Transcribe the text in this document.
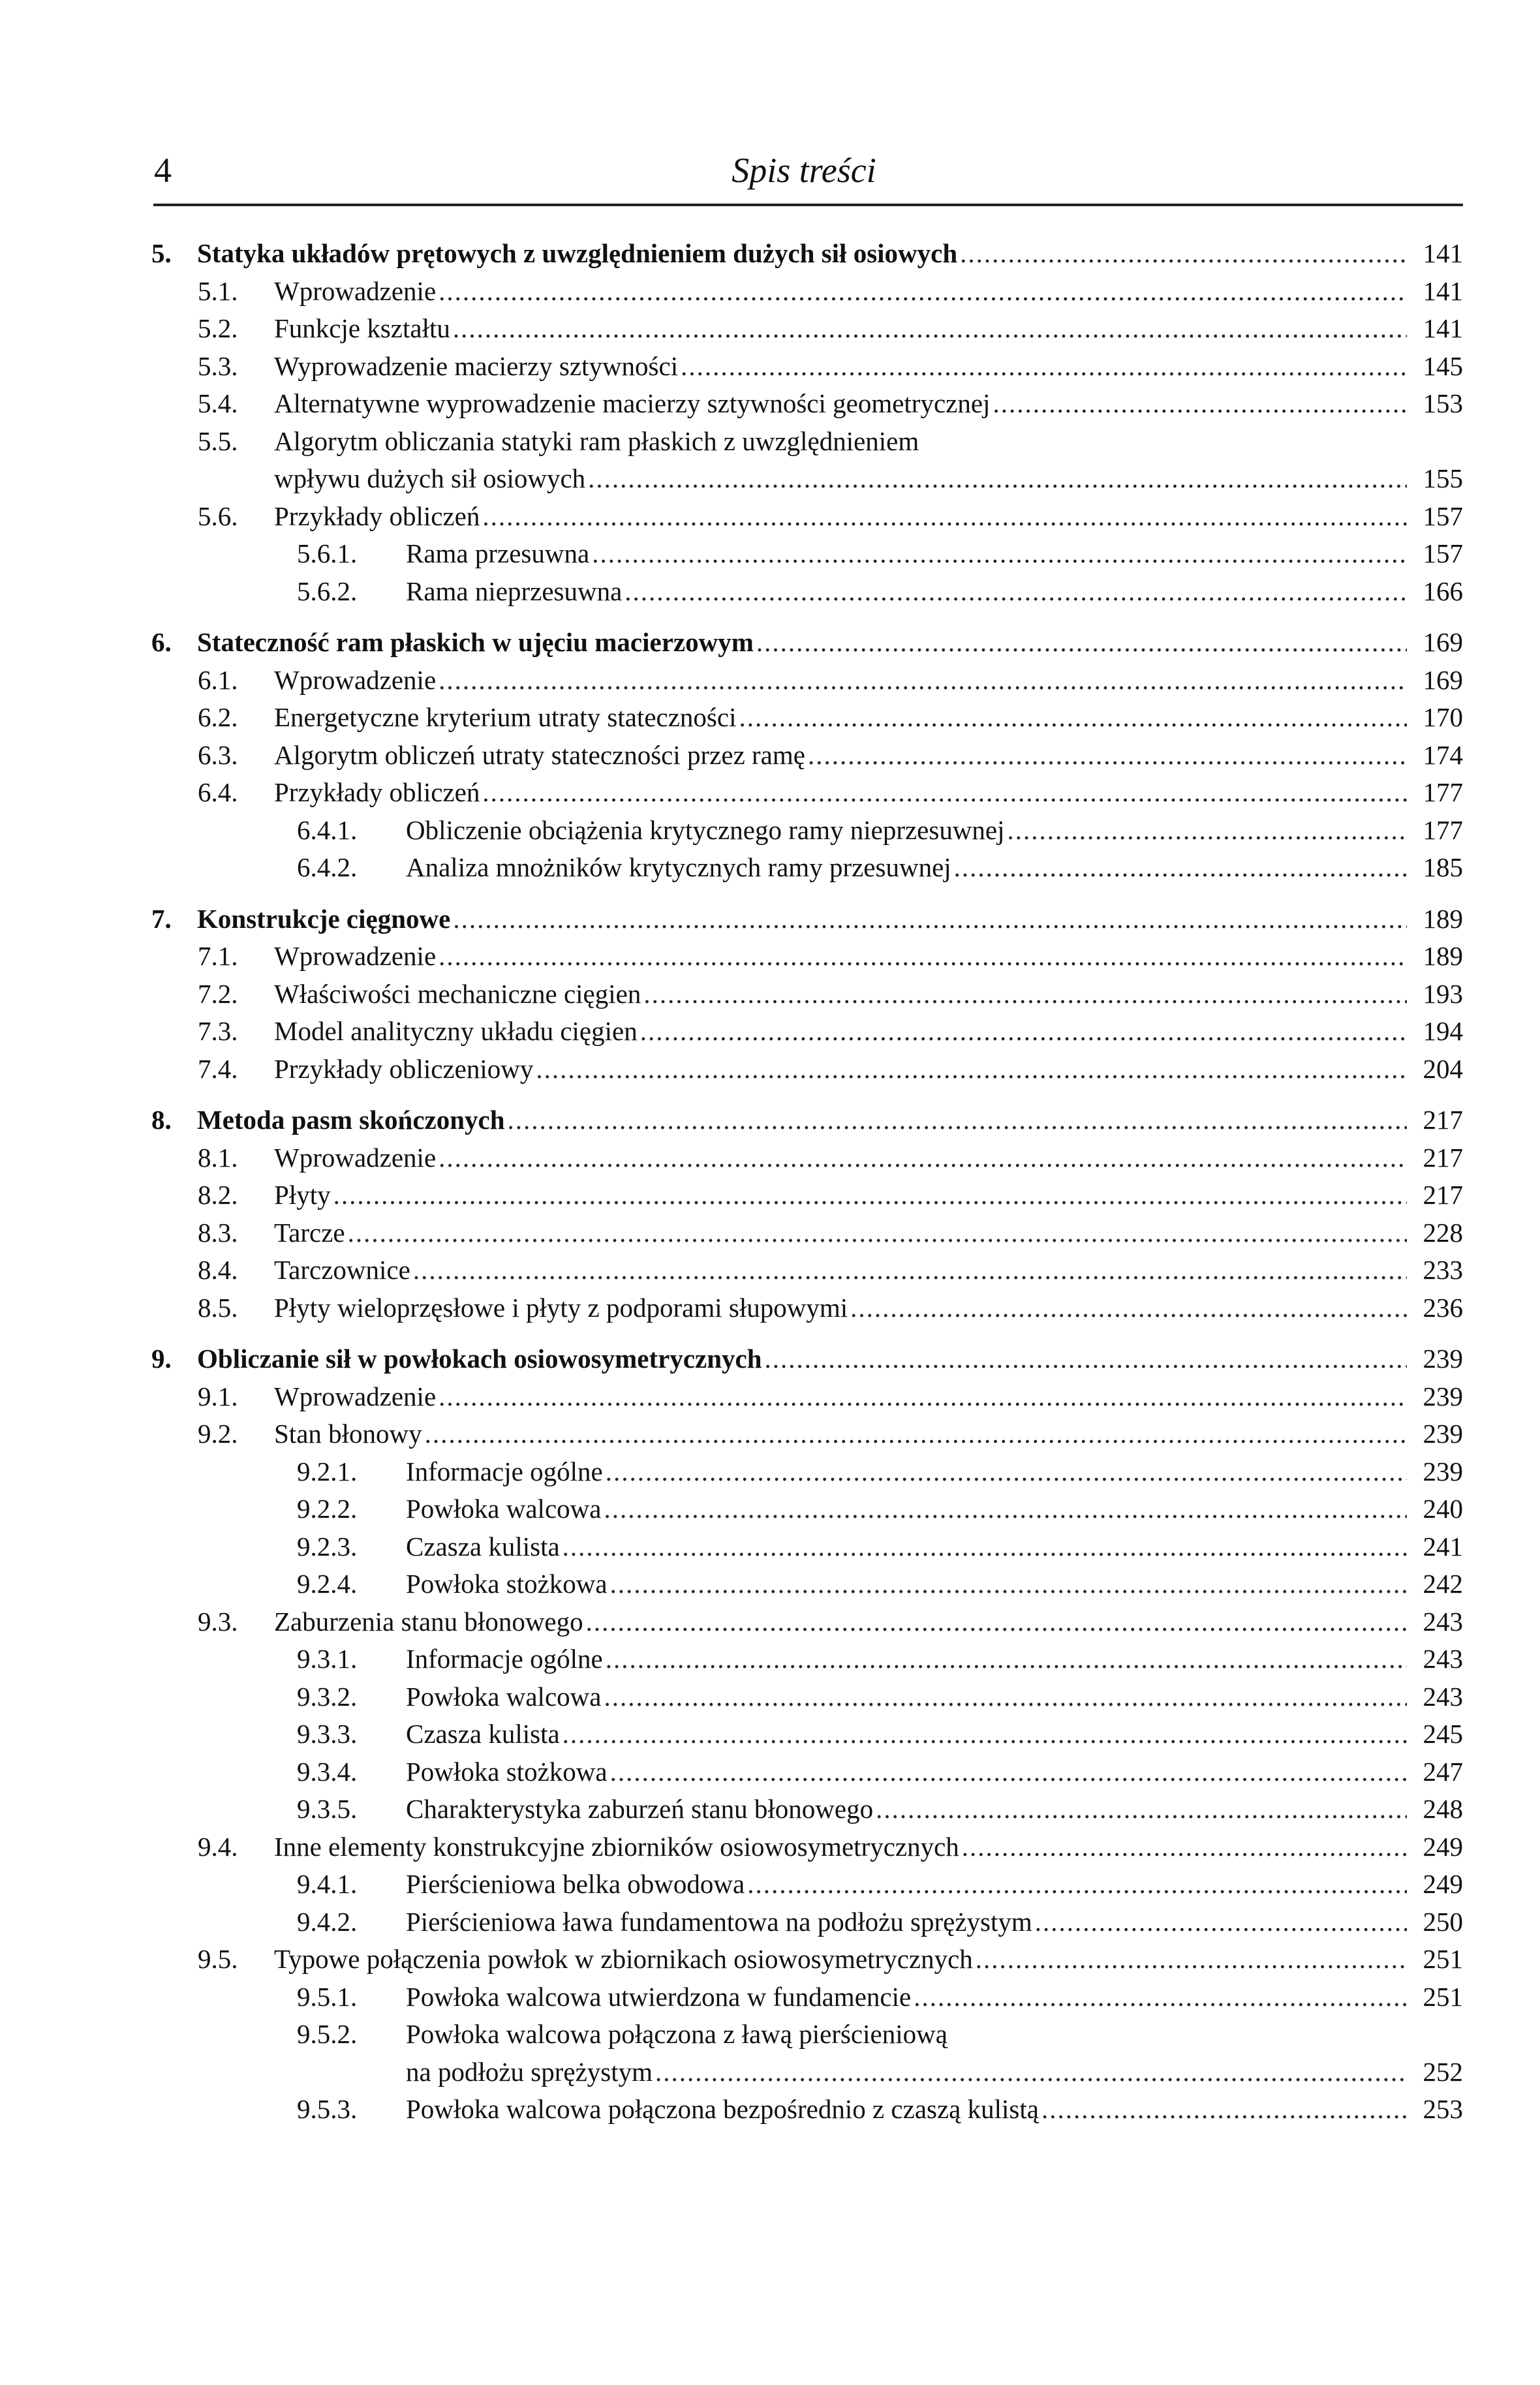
4	Spis treści
5. Statyka układów prętowych z uwzględnieniem dużych sił osiowych .....	141
5.1.	Wprowadzenie .....	141
5.2.	Funkcje kształtu .....	141
5.3.	Wyprowadzenie macierzy sztywności .....	145
5.4.	Alternatywne wyprowadzenie macierzy sztywności geometrycznej .....	153
5.5.	Algorytm obliczania statyki ram płaskich z uwzględnieniem
wpływu dużych sił osiowych .....	155
5.6.	Przykłady obliczeń .....	157
5.6.1.	Rama przesuwna .....	157
5.6.2.	Rama nieprzesuwna .....	166
6. Stateczność ram płaskich w ujęciu macierzowym .....	169
6.1.	Wprowadzenie .....	169
6.2.	Energetyczne kryterium utraty stateczności .....	170
6.3.	Algorytm obliczeń utraty stateczności przez ramę .....	174
6.4.	Przykłady obliczeń .....	177
6.4.1.	Obliczenie obciążenia krytycznego ramy nieprzesuwnej .....	177
6.4.2.	Analiza mnożników krytycznych ramy przesuwnej .....	185
7. Konstrukcje cięgnowe .....	189
7.1.	Wprowadzenie .....	189
7.2.	Właściwości mechaniczne cięgien .....	193
7.3.	Model analityczny układu cięgien .....	194
7.4.	Przykłady obliczeniowy .....	204
8. Metoda pasm skończonych .....	217
8.1.	Wprowadzenie .....	217
8.2.	Płyty .....	217
8.3.	Tarcze .....	228
8.4.	Tarczownice .....	233
8.5.	Płyty wieloprzęsłowe i płyty z podporami słupowymi .....	236
9. Obliczanie sił w powłokach osiowosymetrycznych .....	239
9.1.	Wprowadzenie .....	239
9.2.	Stan błonowy .....	239
9.2.1.	Informacje ogólne .....	239
9.2.2.	Powłoka walcowa .....	240
9.2.3.	Czasza kulista .....	241
9.2.4.	Powłoka stożkowa .....	242
9.3.	Zaburzenia stanu błonowego .....	243
9.3.1.	Informacje ogólne .....	243
9.3.2.	Powłoka walcowa .....	243
9.3.3.	Czasza kulista .....	245
9.3.4.	Powłoka stożkowa .....	247
9.3.5.	Charakterystyka zaburzeń stanu błonowego .....	248
9.4.	Inne elementy konstrukcyjne zbiorników osiowosymetrycznych .....	249
9.4.1.	Pierścieniowa belka obwodowa .....	249
9.4.2.	Pierścieniowa ława fundamentowa na podłożu sprężystym .....	250
9.5.	Typowe połączenia powłok w zbiornikach osiowosymetrycznych .....	251
9.5.1.	Powłoka walcowa utwierdzona w fundamencie .....	251
9.5.2.	Powłoka walcowa połączona z ławą pierścieniową
na podłożu sprężystym .....	252
9.5.3.	Powłoka walcowa połączona bezpośrednio z czaszą kulistą .....	253
